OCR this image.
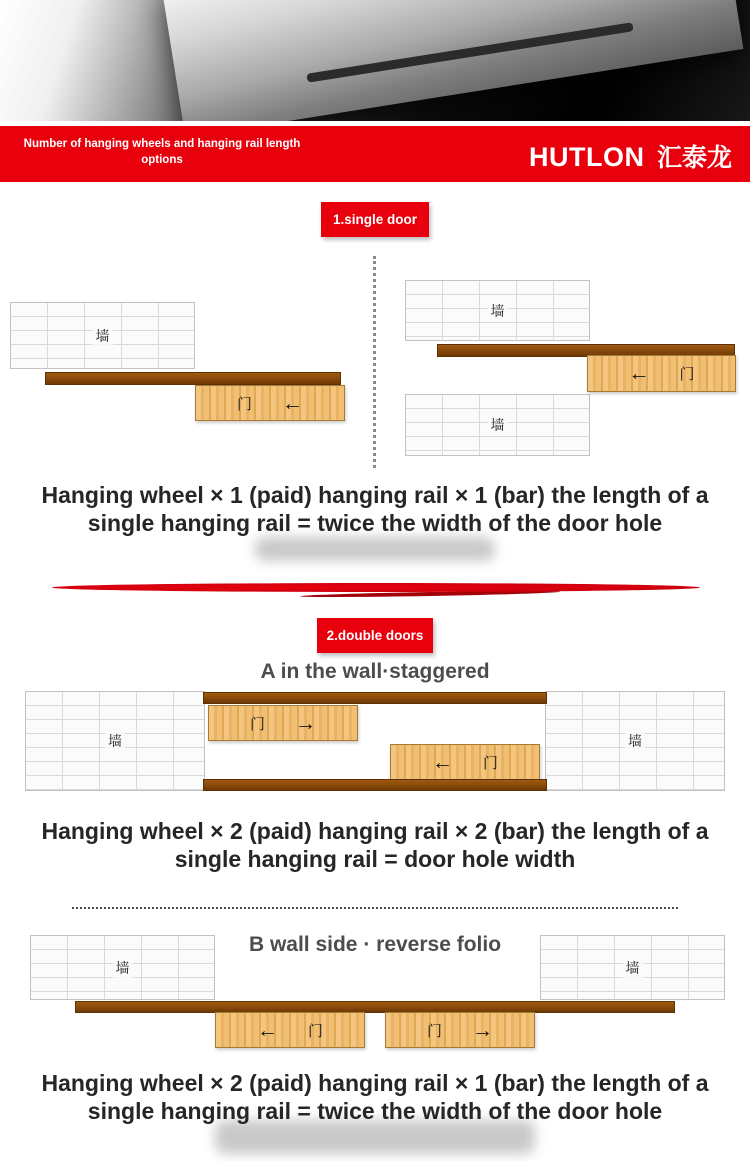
Number of hanging wheels and hanging rail length options	HUTLON 汇泰龙
1.single door
墙
门 ←
墙
← 门
墙
Hanging wheel × 1 (paid) hanging rail × 1 (bar) the length of a single hanging rail = twice the width of the door hole
2.double doors
A in the wall·staggered
墙	墙
门 →
← 门
Hanging wheel × 2 (paid) hanging rail × 2 (bar) the length of a single hanging rail = door hole width
B wall side · reverse folio
墙	墙
← 门	门 →
Hanging wheel × 2 (paid) hanging rail × 1 (bar) the length of a single hanging rail = twice the width of the door hole
